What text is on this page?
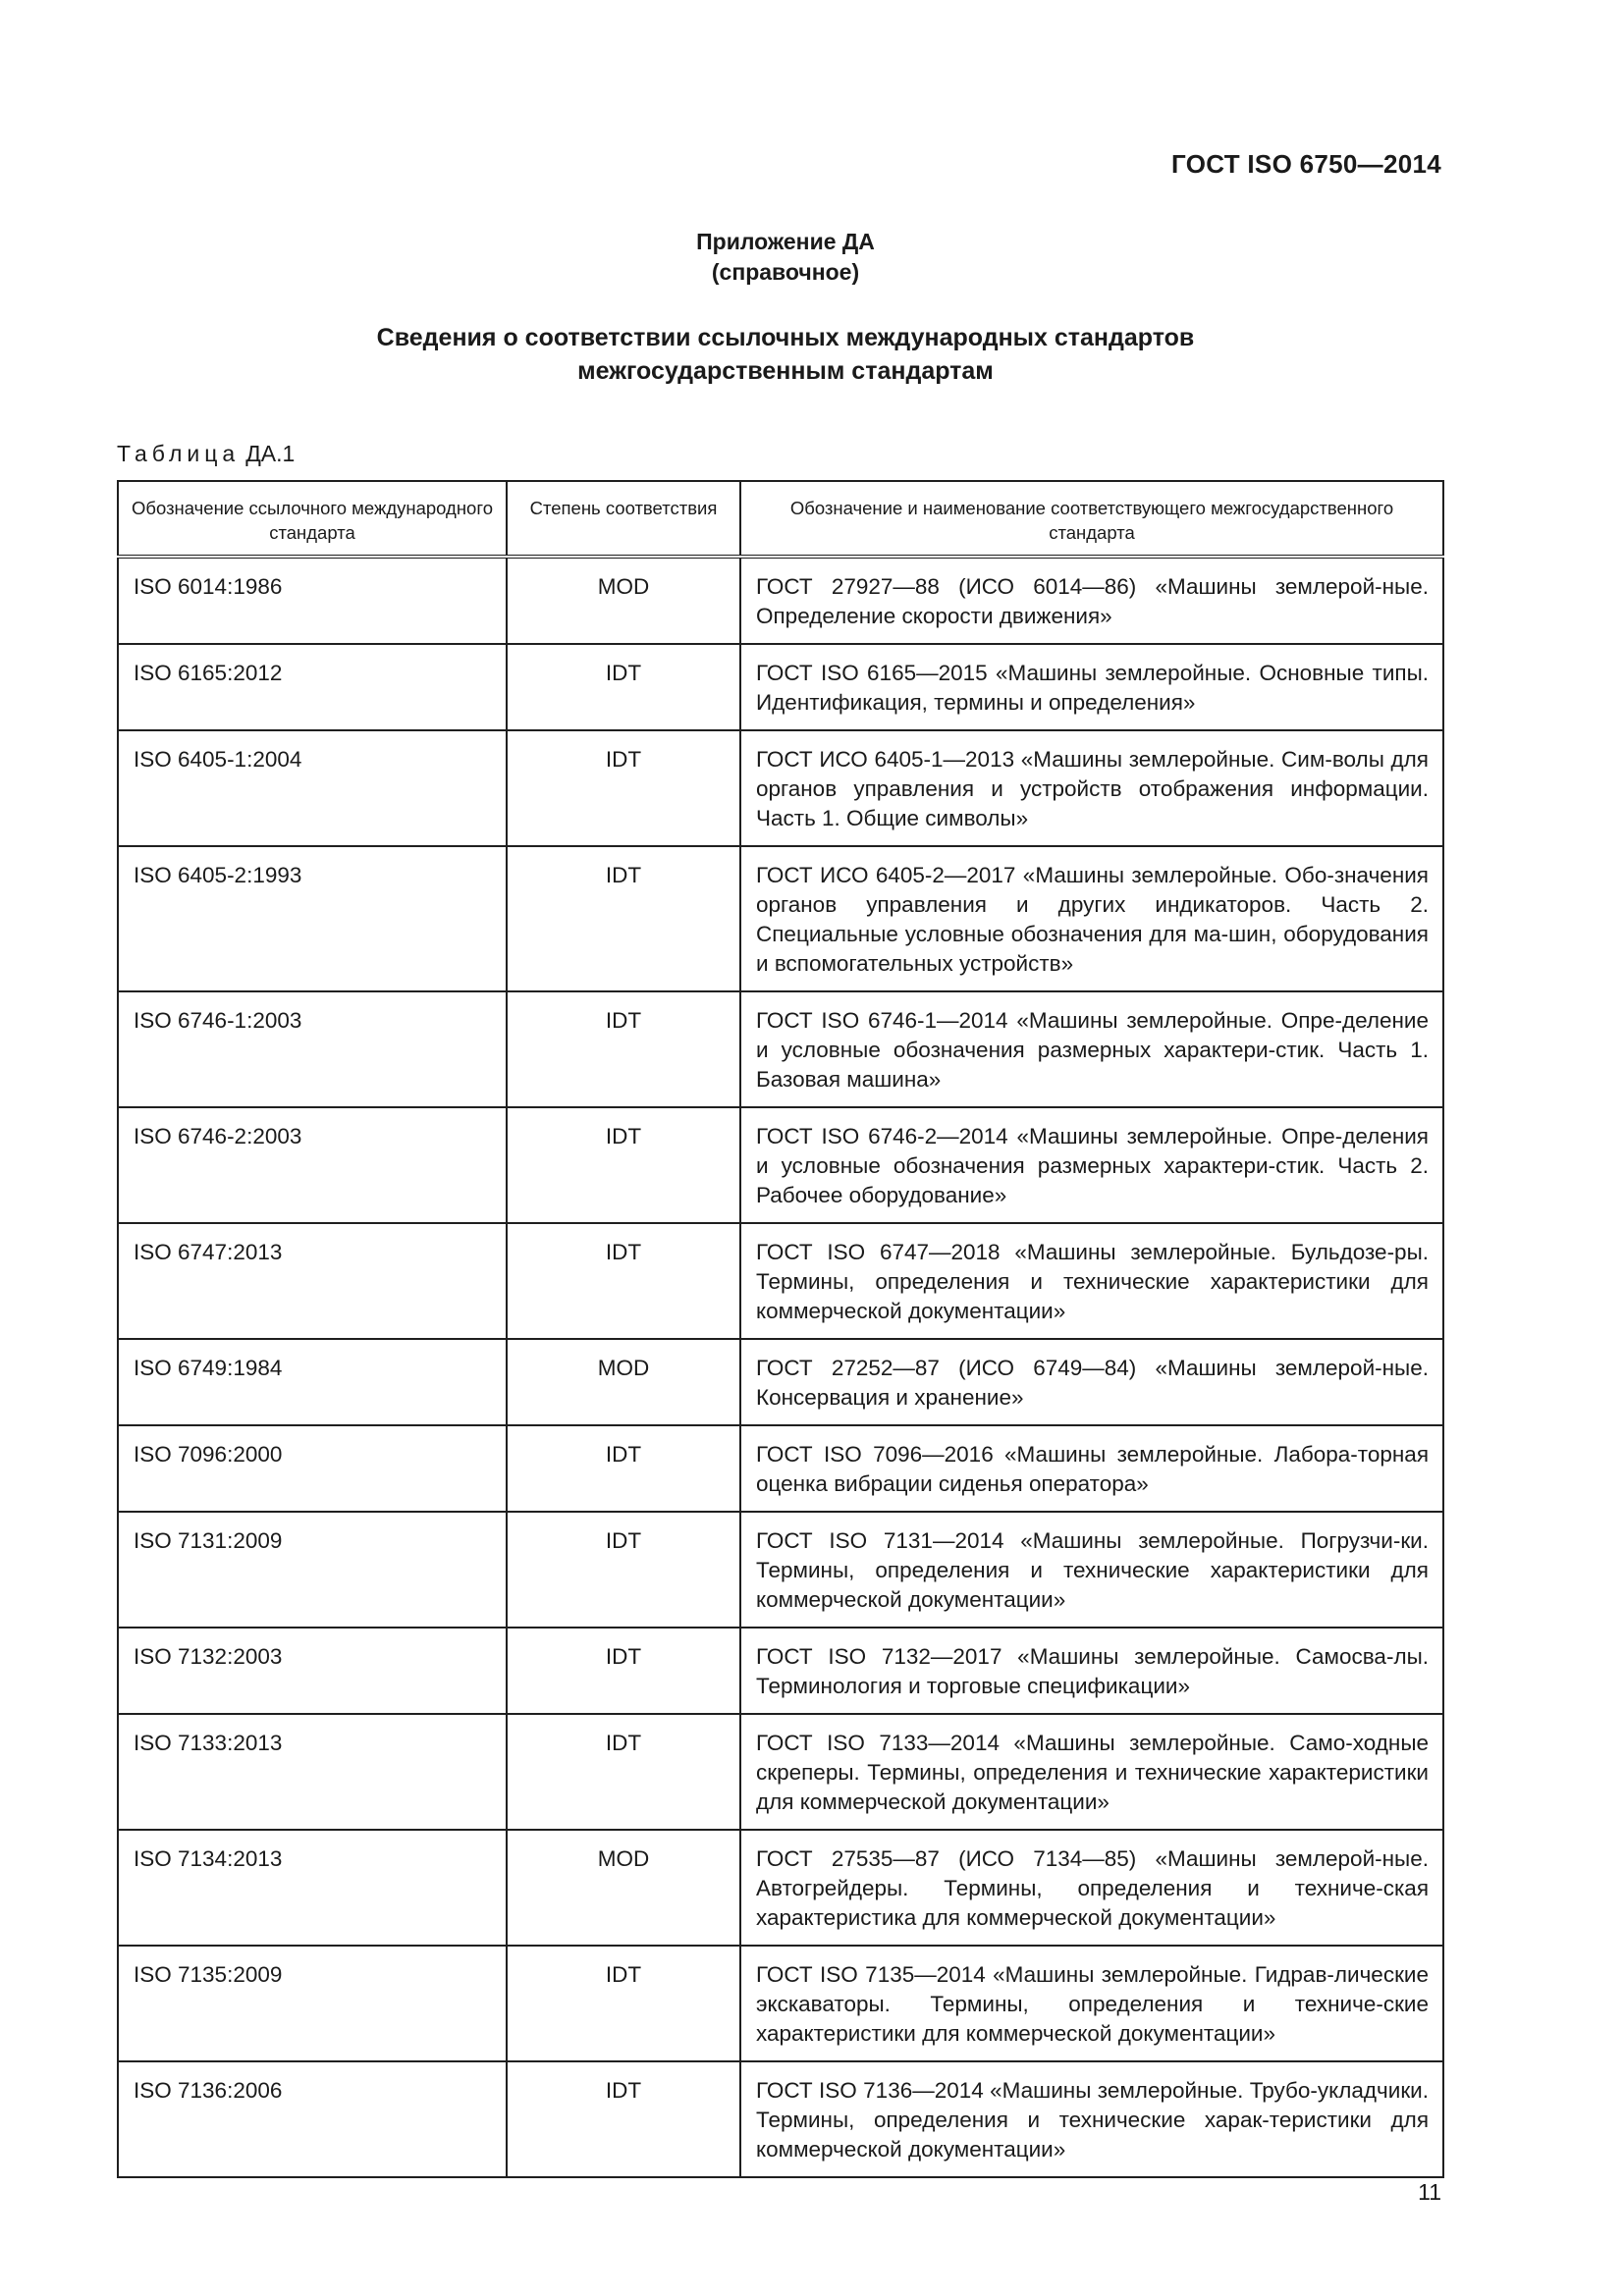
ГОСТ ISO 6750—2014
Приложение ДА
(справочное)
Сведения о соответствии ссылочных международных стандартов
межгосударственным стандартам
Таблица ДА.1
Обозначение ссылочного международного стандарта	Степень соответствия	Обозначение и наименование соответствующего межгосударственного стандарта
ISO 6014:1986	MOD	ГОСТ 27927—88 (ИСО 6014—86) «Машины землерой-ные. Определение скорости движения»
ISO 6165:2012	IDT	ГОСТ ISO 6165—2015 «Машины землеройные. Основные типы. Идентификация, термины и определения»
ISO 6405-1:2004	IDT	ГОСТ ИСО 6405-1—2013 «Машины землеройные. Сим-волы для органов управления и устройств отображения информации. Часть 1. Общие символы»
ISO 6405-2:1993	IDT	ГОСТ ИСО 6405-2—2017 «Машины землеройные. Обо-значения органов управления и других индикаторов. Часть 2. Специальные условные обозначения для ма-шин, оборудования и вспомогательных устройств»
ISO 6746-1:2003	IDT	ГОСТ ISO 6746-1—2014 «Машины землеройные. Опре-деление и условные обозначения размерных характери-стик. Часть 1. Базовая машина»
ISO 6746-2:2003	IDT	ГОСТ ISO 6746-2—2014 «Машины землеройные. Опре-деления и условные обозначения размерных характери-стик. Часть 2. Рабочее оборудование»
ISO 6747:2013	IDT	ГОСТ ISO 6747—2018 «Машины землеройные. Бульдозе-ры. Термины, определения и технические характеристики для коммерческой документации»
ISO 6749:1984	MOD	ГОСТ 27252—87 (ИСО 6749—84) «Машины землерой-ные. Консервация и хранение»
ISO 7096:2000	IDT	ГОСТ ISO 7096—2016 «Машины землеройные. Лабора-торная оценка вибрации сиденья оператора»
ISO 7131:2009	IDT	ГОСТ ISO 7131—2014 «Машины землеройные. Погрузчи-ки. Термины, определения и технические характеристики для коммерческой документации»
ISO 7132:2003	IDT	ГОСТ ISO 7132—2017 «Машины землеройные. Самосва-лы. Терминология и торговые спецификации»
ISO 7133:2013	IDT	ГОСТ ISO 7133—2014 «Машины землеройные. Само-ходные скреперы. Термины, определения и технические характеристики для коммерческой документации»
ISO 7134:2013	MOD	ГОСТ 27535—87 (ИСО 7134—85) «Машины землерой-ные. Автогрейдеры. Термины, определения и техниче-ская характеристика для коммерческой документации»
ISO 7135:2009	IDT	ГОСТ ISO 7135—2014 «Машины землеройные. Гидрав-лические экскаваторы. Термины, определения и техниче-ские характеристики для коммерческой документации»
ISO 7136:2006	IDT	ГОСТ ISO 7136—2014 «Машины землеройные. Трубо-укладчики. Термины, определения и технические харак-теристики для коммерческой документации»
11
